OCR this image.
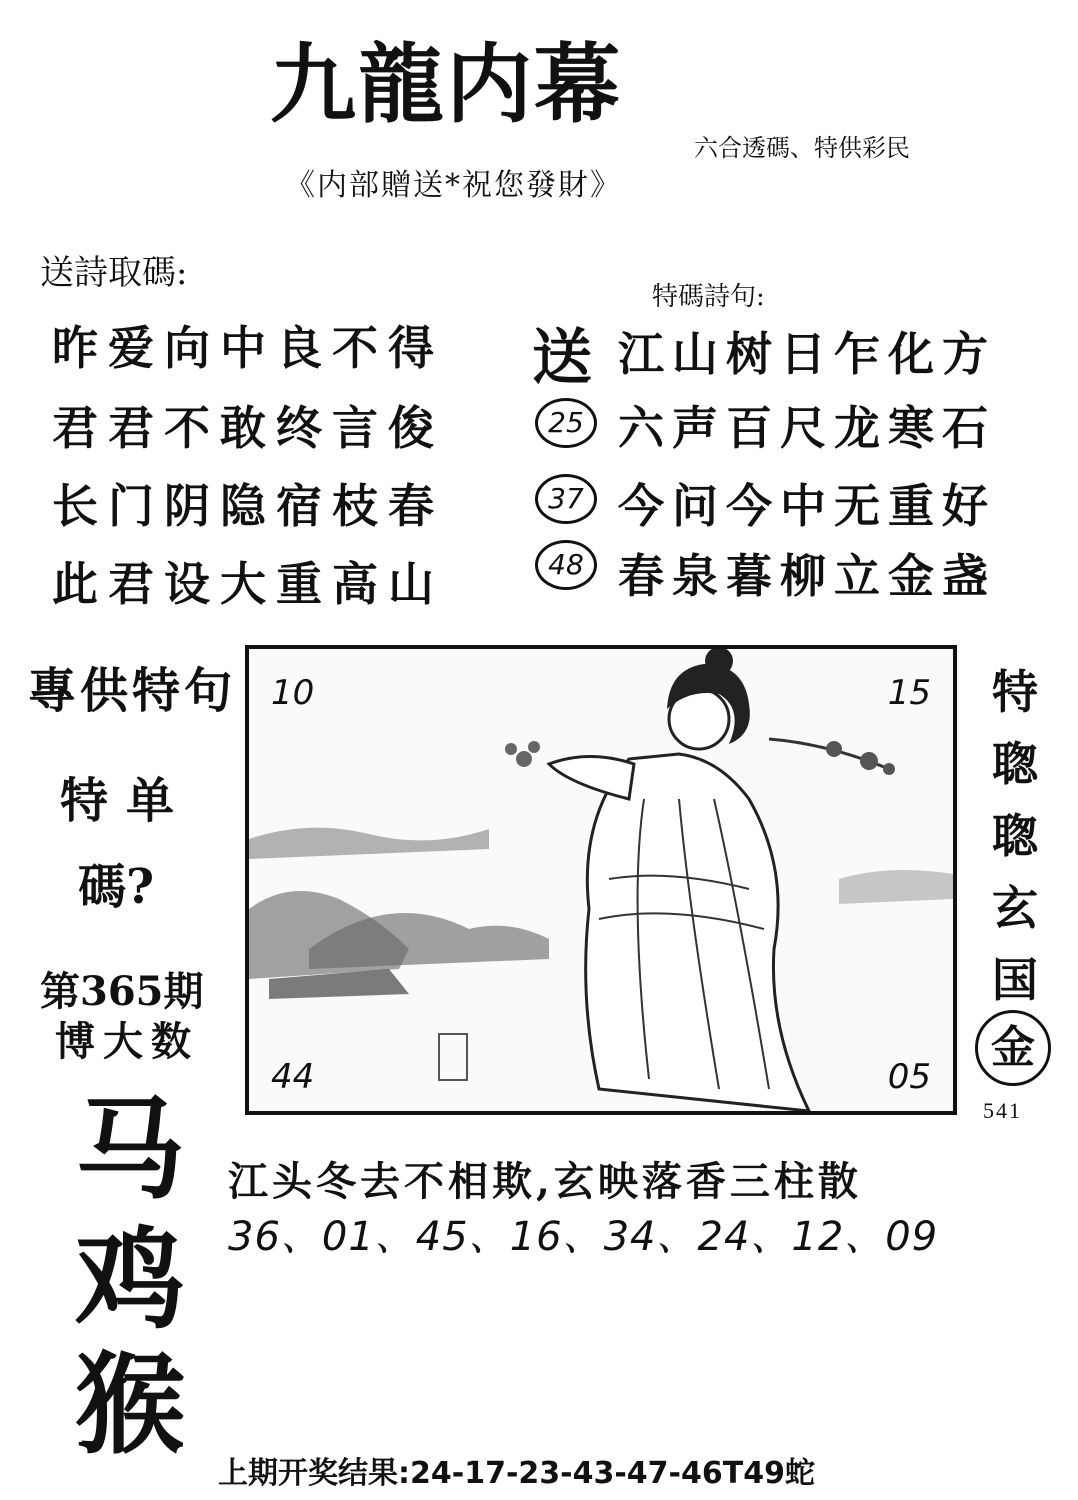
九龍内幕
六合透碼、特供彩民
《内部贈送*祝您發財》
送詩取碼:
昨爱向中良不得
君君不敢终言俊
长门阴隐宿枝春
此君设大重高山
特碼詩句:
送 江山树日乍化方
25 六声百尺龙寒石
37 今问今中无重好
48 春泉暮柳立金盏
專供特句
特单
碼?
第365期
博大数
马
鸡
猴
10	15
44	05
特
聦
聦
玄
国
金
541
江头冬去不相欺,玄映落香三柱散
36、01、45、16、34、24、12、09
上期开奖结果:24-17-23-43-47-46T49蛇
